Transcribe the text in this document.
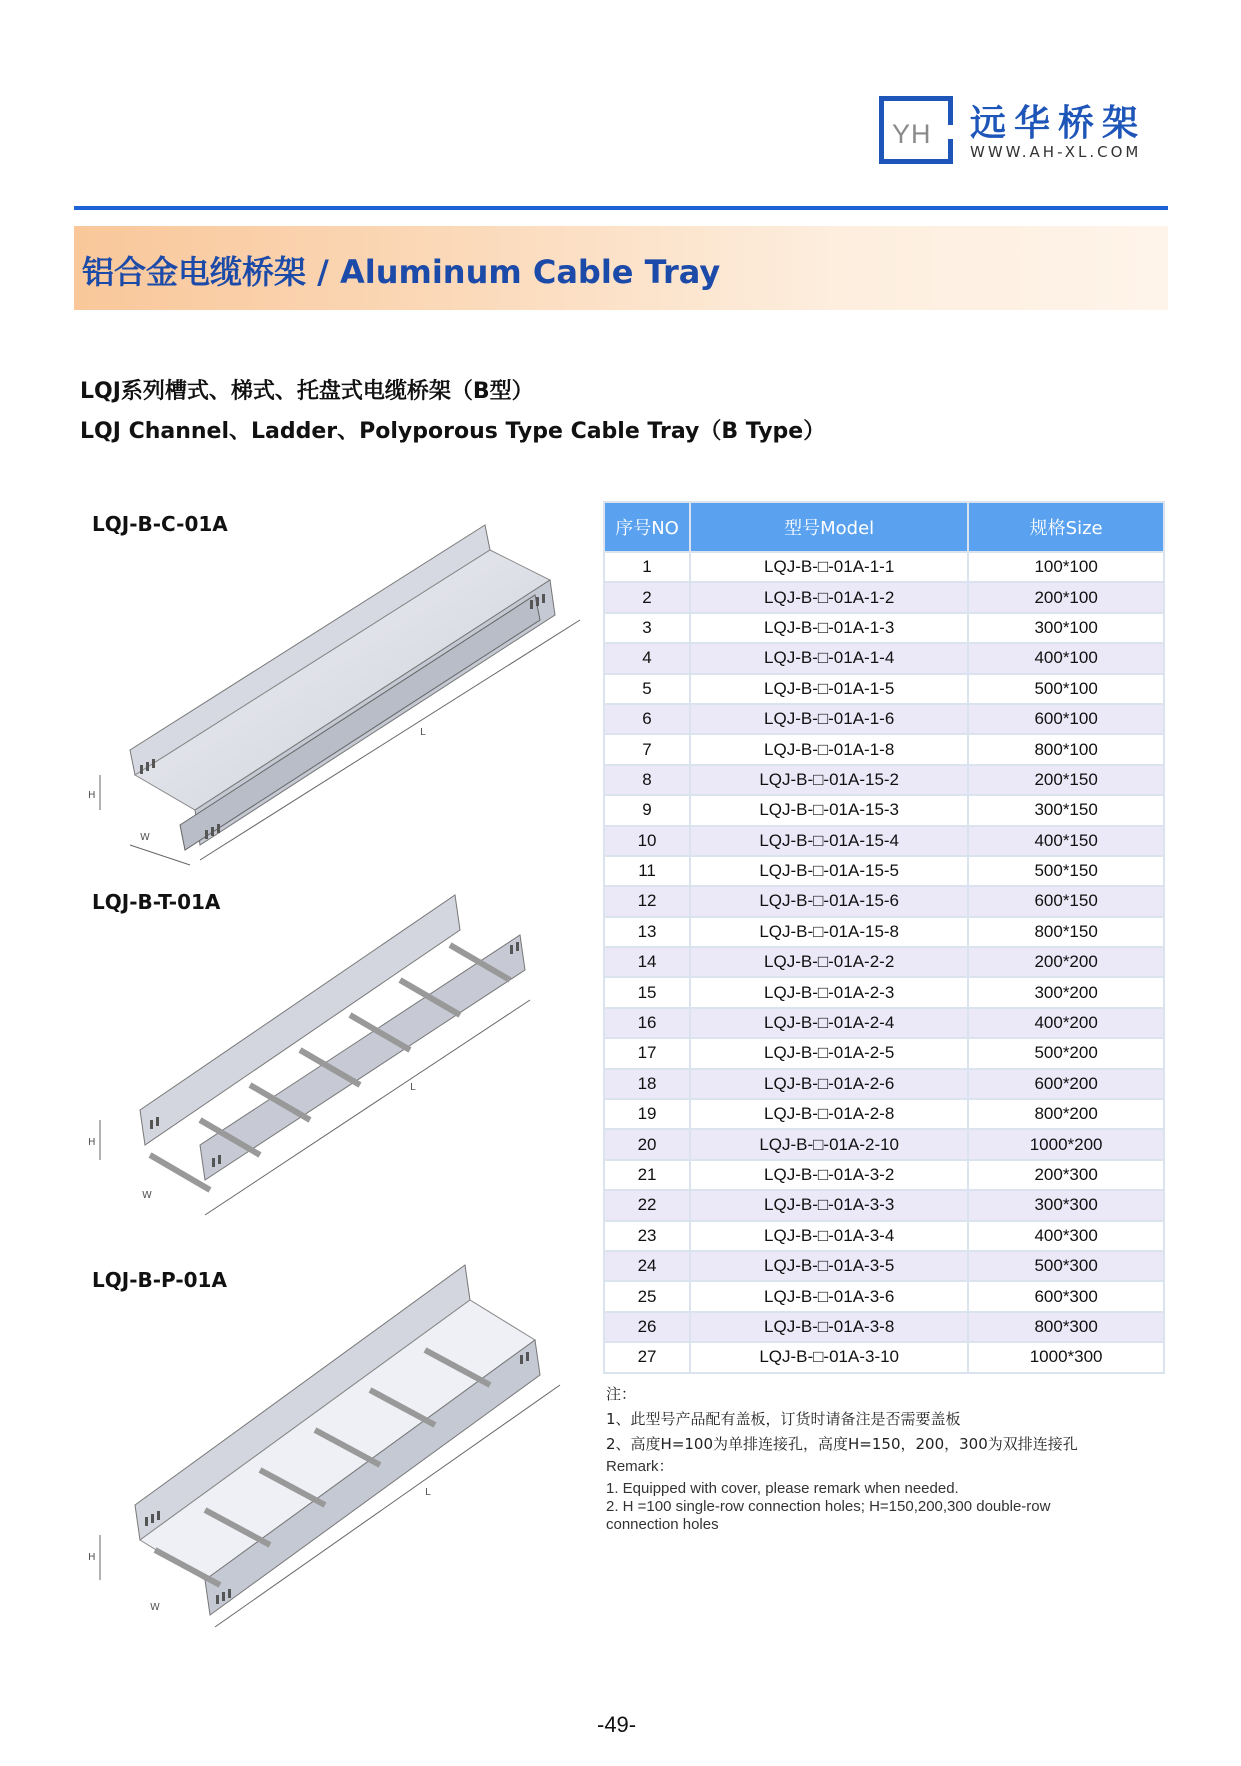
YH 远华桥架
WWW.AH-XL.COM
铝合金电缆桥架 / Aluminum Cable Tray
LQJ系列槽式、梯式、托盘式电缆桥架（B型）
LQJ Channel、Ladder、Polyporous Type Cable Tray（B Type）
LQJ-B-C-01A
LQJ-B-T-01A
LQJ-B-P-01A
H
W
L
H
W
L
H
W
L
序号NO	型号Model	规格Size
1	LQJ-B-□-01A-1-1	100*100
2	LQJ-B-□-01A-1-2	200*100
3	LQJ-B-□-01A-1-3	300*100
4	LQJ-B-□-01A-1-4	400*100
5	LQJ-B-□-01A-1-5	500*100
6	LQJ-B-□-01A-1-6	600*100
7	LQJ-B-□-01A-1-8	800*100
8	LQJ-B-□-01A-15-2	200*150
9	LQJ-B-□-01A-15-3	300*150
10	LQJ-B-□-01A-15-4	400*150
11	LQJ-B-□-01A-15-5	500*150
12	LQJ-B-□-01A-15-6	600*150
13	LQJ-B-□-01A-15-8	800*150
14	LQJ-B-□-01A-2-2	200*200
15	LQJ-B-□-01A-2-3	300*200
16	LQJ-B-□-01A-2-4	400*200
17	LQJ-B-□-01A-2-5	500*200
18	LQJ-B-□-01A-2-6	600*200
19	LQJ-B-□-01A-2-8	800*200
20	LQJ-B-□-01A-2-10	1000*200
21	LQJ-B-□-01A-3-2	200*300
22	LQJ-B-□-01A-3-3	300*300
23	LQJ-B-□-01A-3-4	400*300
24	LQJ-B-□-01A-3-5	500*300
25	LQJ-B-□-01A-3-6	600*300
26	LQJ-B-□-01A-3-8	800*300
27	LQJ-B-□-01A-3-10	1000*300
注：
1、此型号产品配有盖板，订货时请备注是否需要盖板
2、高度H=100为单排连接孔，高度H=150，200，300为双排连接孔
Remark：
1. Equipped with cover, please remark when needed.
2. H =100 single-row connection holes; H=150,200,300 double-row connection holes
-49-
